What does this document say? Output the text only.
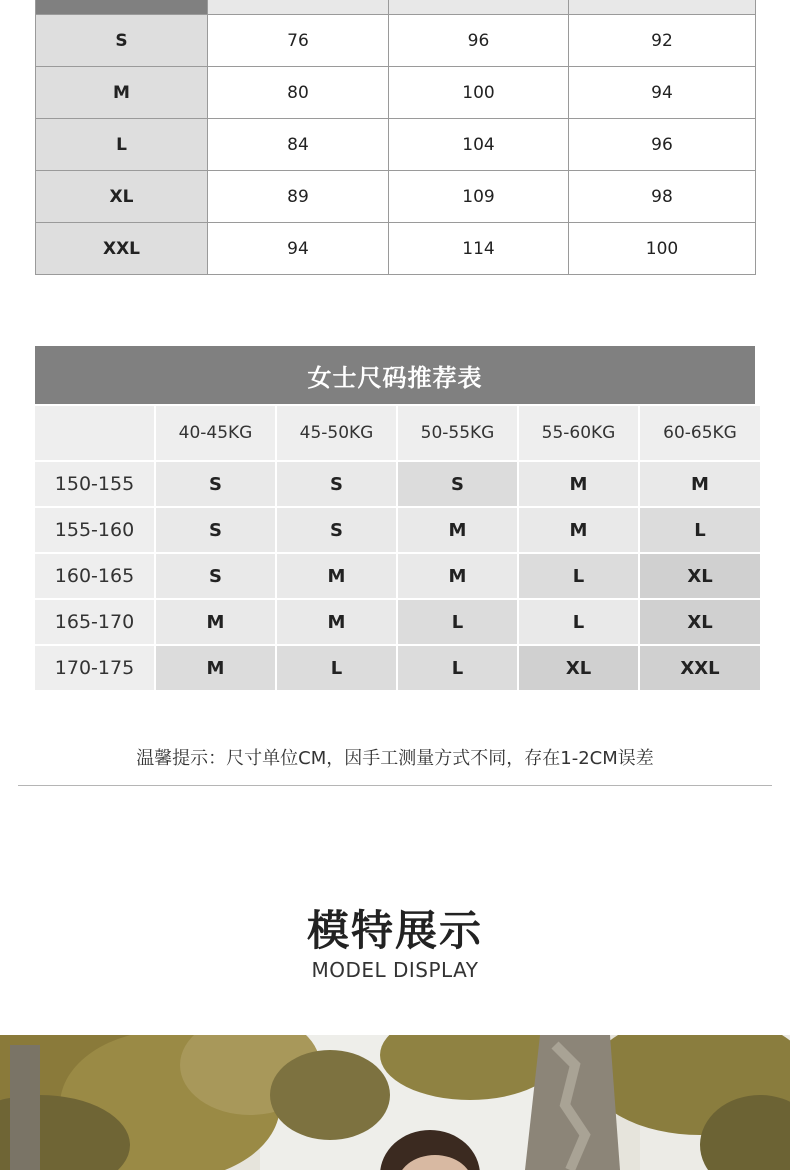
S	76	96	92
M	80	100	94
L	84	104	96
XL	89	109	98
XXL	94	114	100
女士尺码推荐表
40-45KG	45-50KG	50-55KG	55-60KG	60-65KG
150-155	S	S	S	M	M
155-160	S	S	M	M	L
160-165	S	M	M	L	XL
165-170	M	M	L	L	XL
170-175	M	L	L	XL	XXL
温馨提示：尺寸单位CM，因手工测量方式不同，存在1-2CM误差
模特展示
MODEL DISPLAY
